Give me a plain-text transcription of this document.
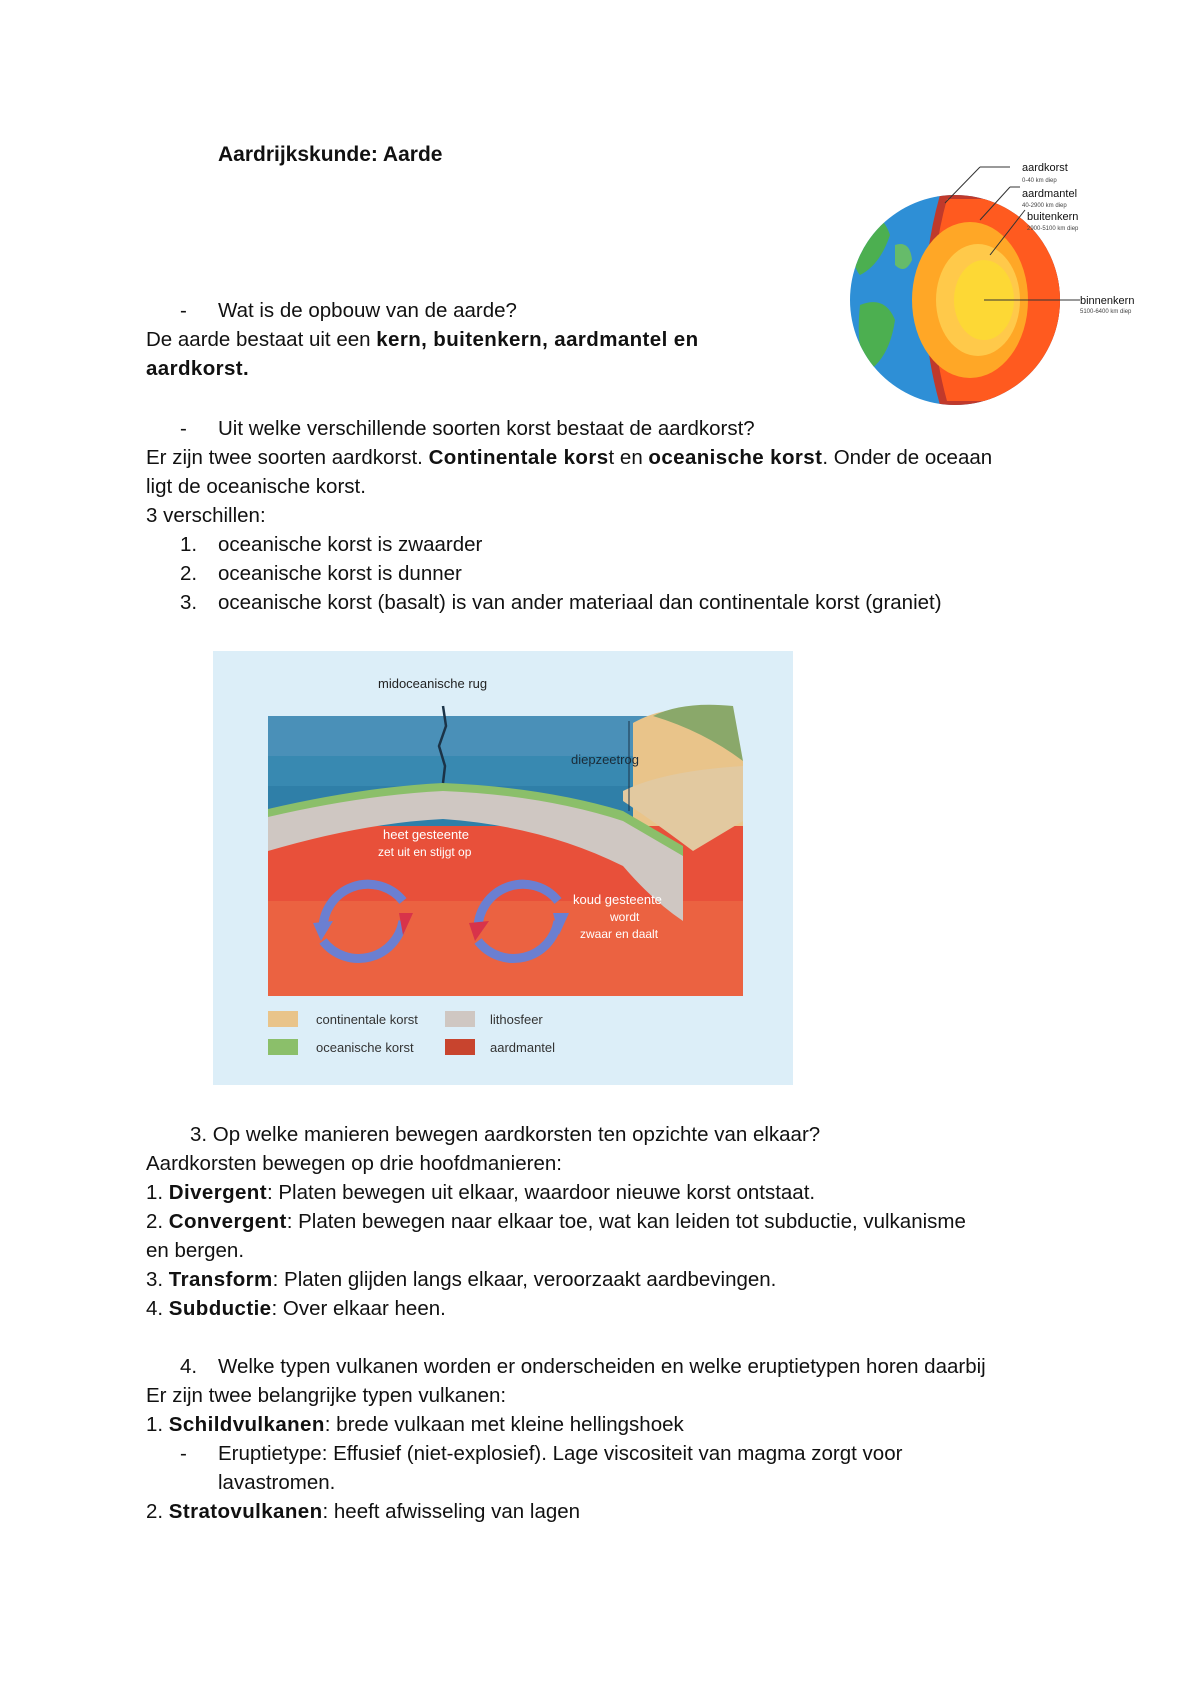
Aardrijkskunde: Aarde
- Wat is de opbouw van de aarde?
De aarde bestaat uit een kern, buitenkern, aardmantel en
aardkorst.
aardkorst
0-40 km diep
aardmantel
40-2900 km diep
buitenkern
2900-5100 km diep
binnenkern
5100-6400 km diep
- Uit welke verschillende soorten korst bestaat de aardkorst?
Er zijn twee soorten aardkorst. Continentale korst en oceanische korst. Onder de oceaan
ligt de oceanische korst.
3 verschillen:
1. oceanische korst is zwaarder
2. oceanische korst is dunner
3. oceanische korst (basalt) is van ander materiaal dan continentale korst (graniet)
midoceanische rug
diepzeetrog
heet gesteente
zet uit en stijgt op
koud gesteente
wordt
zwaar en daalt
continentale korst	lithosfeer
oceanische korst	aardmantel
3. Op welke manieren bewegen aardkorsten ten opzichte van elkaar?
Aardkorsten bewegen op drie hoofdmanieren:
1. Divergent: Platen bewegen uit elkaar, waardoor nieuwe korst ontstaat.
2. Convergent: Platen bewegen naar elkaar toe, wat kan leiden tot subductie, vulkanisme
en bergen.
3. Transform: Platen glijden langs elkaar, veroorzaakt aardbevingen.
4. Subductie: Over elkaar heen.
4. Welke typen vulkanen worden er onderscheiden en welke eruptietypen horen daarbij
Er zijn twee belangrijke typen vulkanen:
1. Schildvulkanen: brede vulkaan met kleine hellingshoek
- Eruptietype: Effusief (niet-explosief). Lage viscositeit van magma zorgt voor
lavastromen.
2. Stratovulkanen: heeft afwisseling van lagen
